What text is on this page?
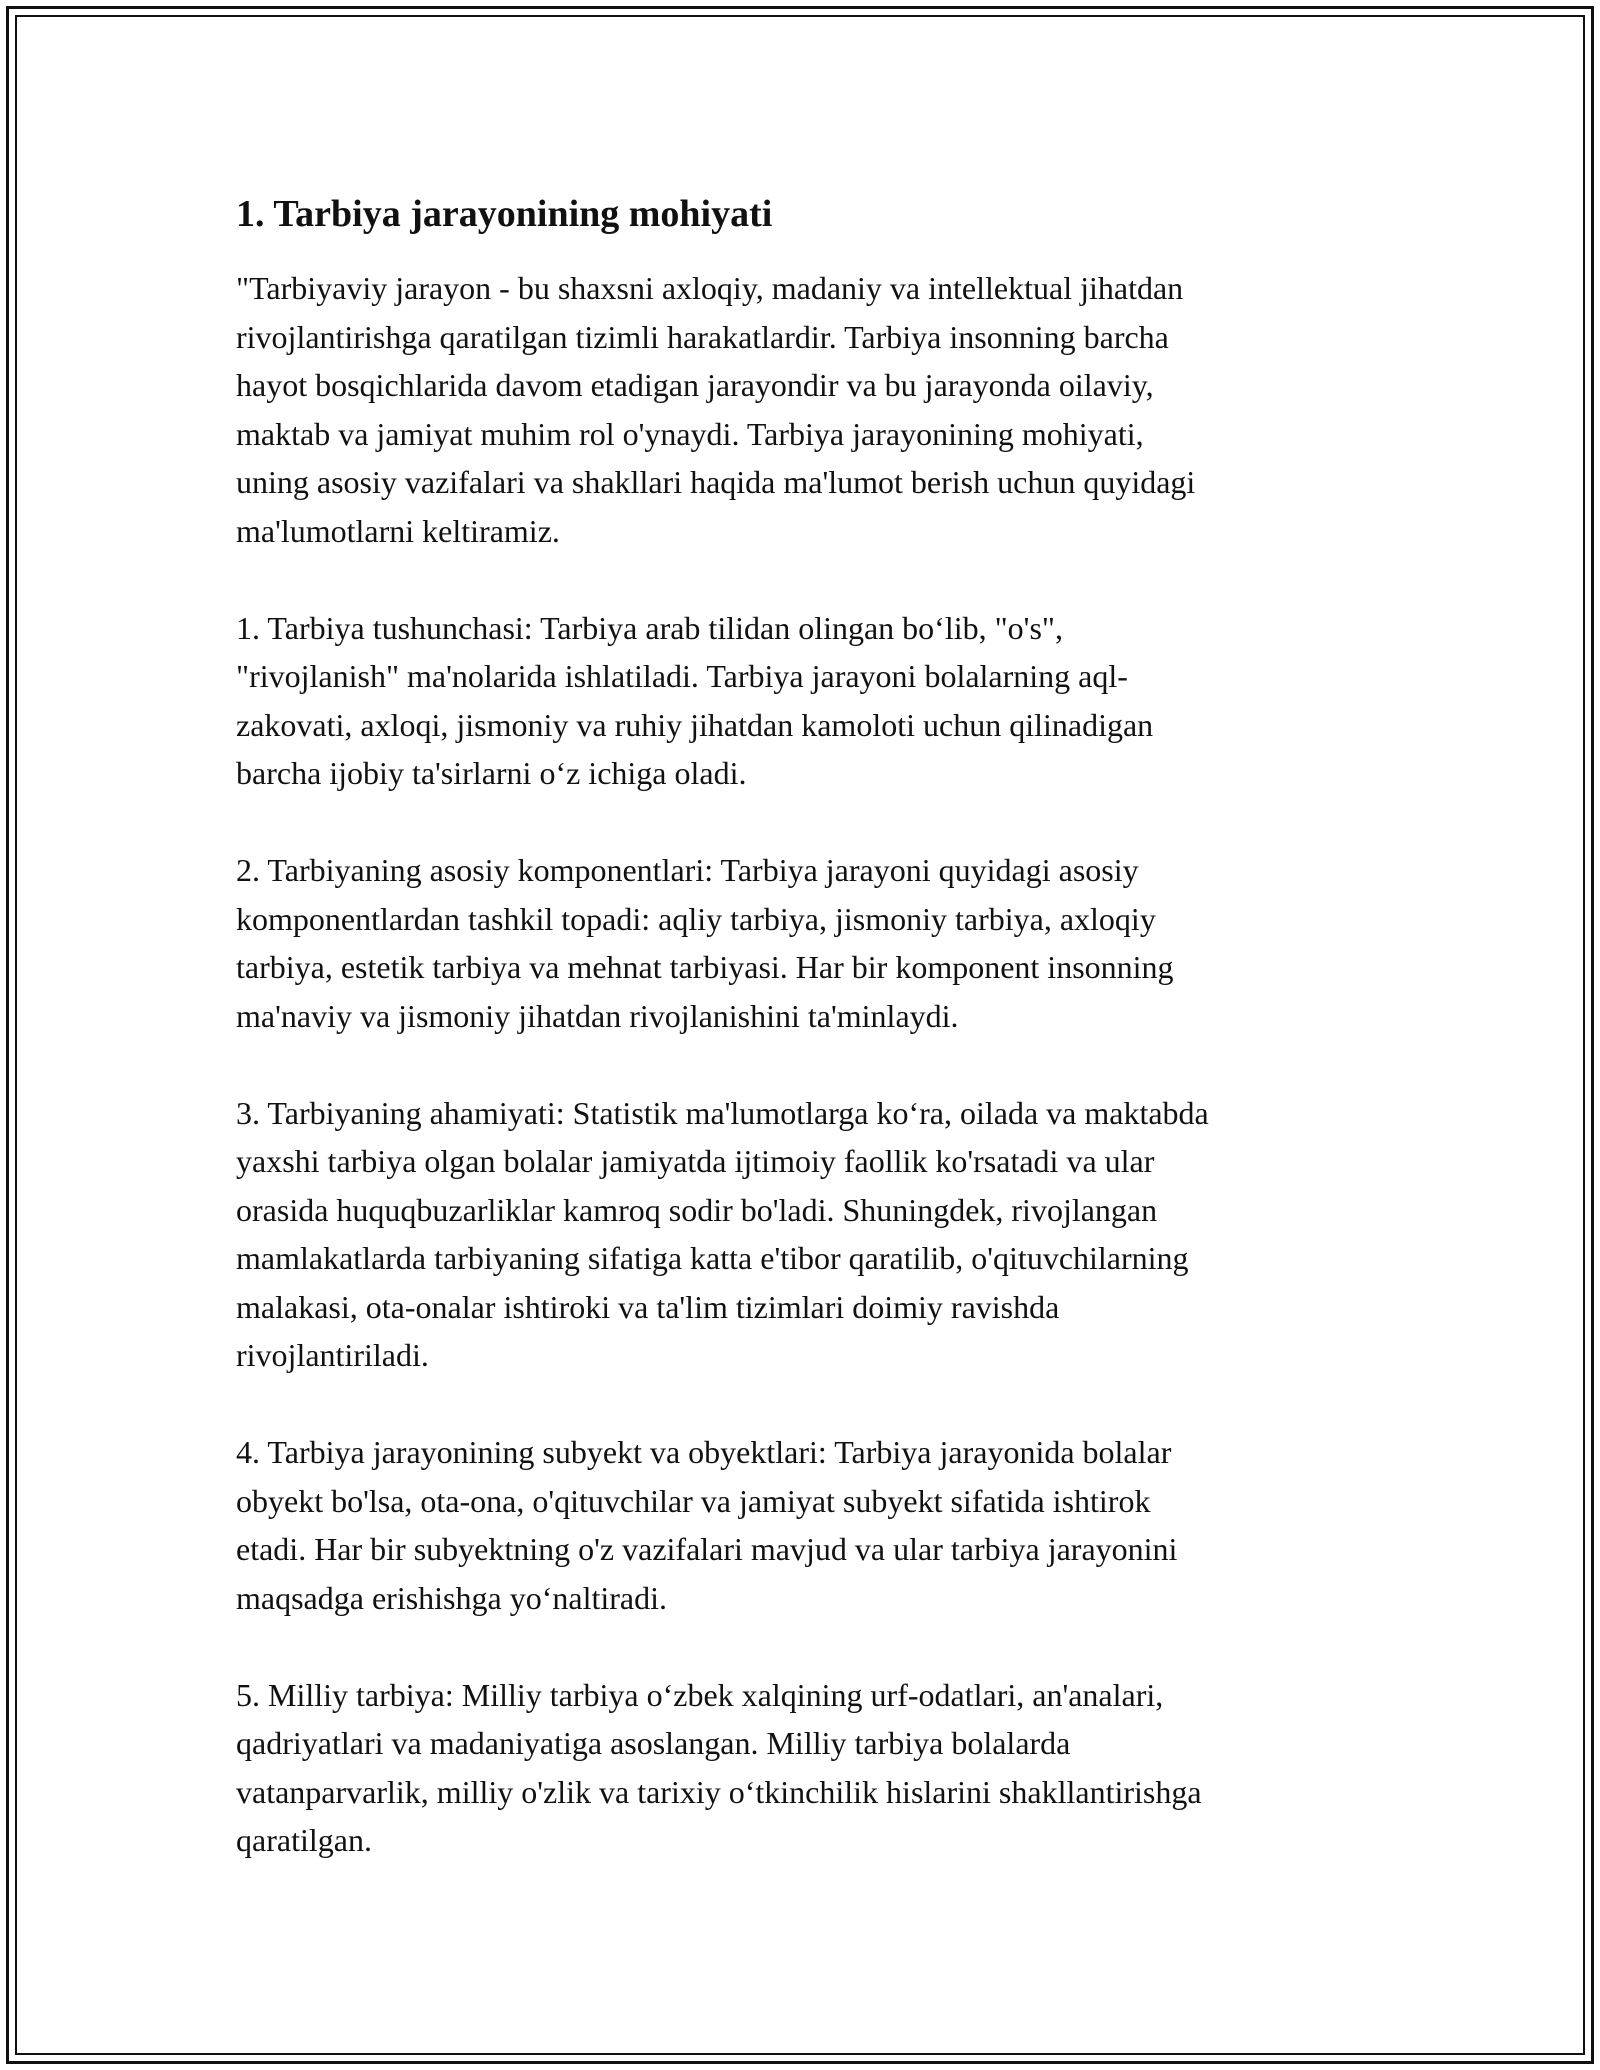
1. Tarbiya jarayonining mohiyati

"Tarbiyaviy jarayon - bu shaxsni axloqiy, madaniy va intellektual jihatdan
rivojlantirishga qaratilgan tizimli harakatlardir. Tarbiya insonning barcha
hayot bosqichlarida davom etadigan jarayondir va bu jarayonda oilaviy,
maktab va jamiyat muhim rol o'ynaydi. Tarbiya jarayonining mohiyati,
uning asosiy vazifalari va shakllari haqida ma'lumot berish uchun quyidagi
ma'lumotlarni keltiramiz.

1. Tarbiya tushunchasi: Tarbiya arab tilidan olingan bo‘lib, "o's",
"rivojlanish" ma'nolarida ishlatiladi. Tarbiya jarayoni bolalarning aql-
zakovati, axloqi, jismoniy va ruhiy jihatdan kamoloti uchun qilinadigan
barcha ijobiy ta'sirlarni o‘z ichiga oladi.

2. Tarbiyaning asosiy komponentlari: Tarbiya jarayoni quyidagi asosiy
komponentlardan tashkil topadi: aqliy tarbiya, jismoniy tarbiya, axloqiy
tarbiya, estetik tarbiya va mehnat tarbiyasi. Har bir komponent insonning
ma'naviy va jismoniy jihatdan rivojlanishini ta'minlaydi.

3. Tarbiyaning ahamiyati: Statistik ma'lumotlarga ko‘ra, oilada va maktabda
yaxshi tarbiya olgan bolalar jamiyatda ijtimoiy faollik ko'rsatadi va ular
orasida huquqbuzarliklar kamroq sodir bo'ladi. Shuningdek, rivojlangan
mamlakatlarda tarbiyaning sifatiga katta e'tibor qaratilib, o'qituvchilarning
malakasi, ota-onalar ishtiroki va ta'lim tizimlari doimiy ravishda
rivojlantiriladi.

4. Tarbiya jarayonining subyekt va obyektlari: Tarbiya jarayonida bolalar
obyekt bo'lsa, ota-ona, o'qituvchilar va jamiyat subyekt sifatida ishtirok
etadi. Har bir subyektning o'z vazifalari mavjud va ular tarbiya jarayonini
maqsadga erishishga yo‘naltiradi.

5. Milliy tarbiya: Milliy tarbiya o‘zbek xalqining urf-odatlari, an'analari,
qadriyatlari va madaniyatiga asoslangan. Milliy tarbiya bolalarda
vatanparvarlik, milliy o'zlik va tarixiy o‘tkinchilik hislarini shakllantirishga
qaratilgan.
